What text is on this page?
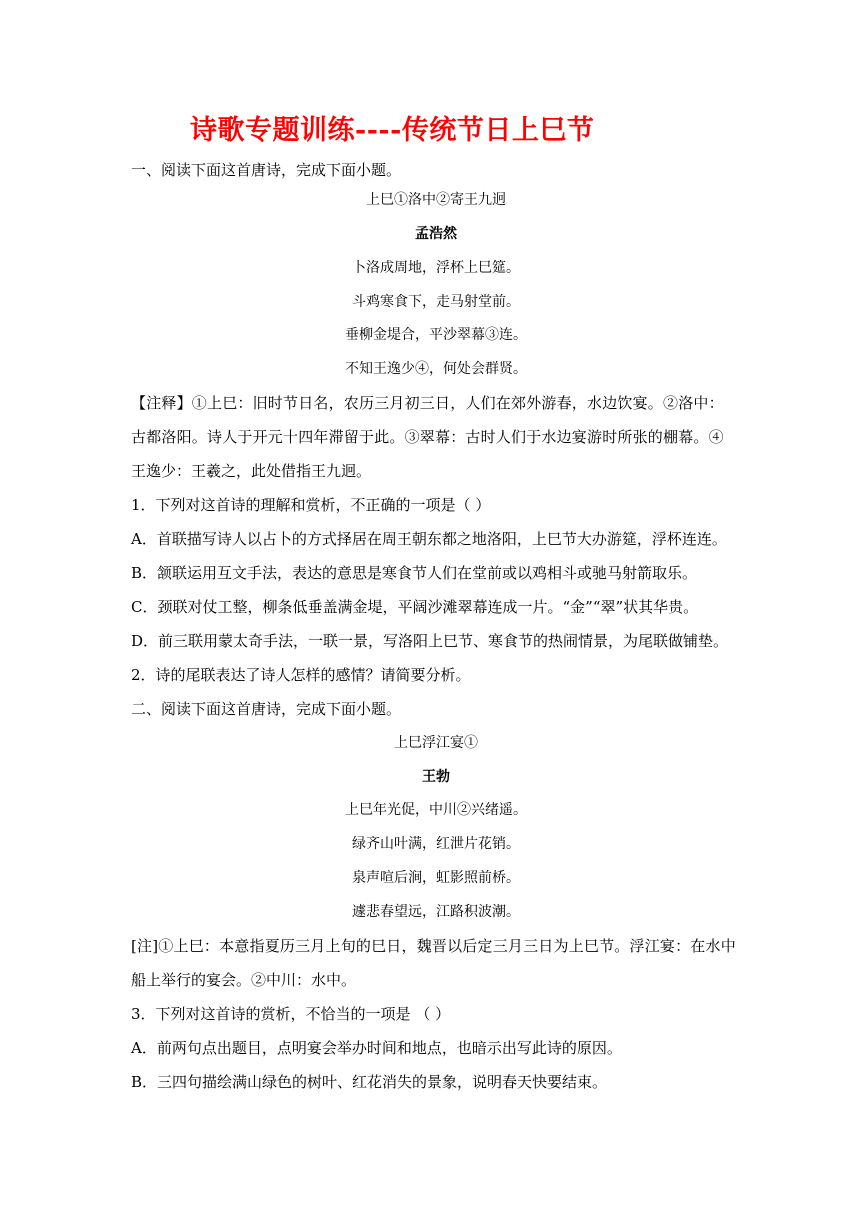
诗歌专题训练----传统节日上巳节
一、阅读下面这首唐诗，完成下面小题。
上巳①洛中②寄王九迥
孟浩然
卜洛成周地，浮杯上巳筵。
斗鸡寒食下，走马射堂前。
垂柳金堤合，平沙翠幕③连。
不知王逸少④，何处会群贤。
【注释】①上巳：旧时节日名，农历三月初三日，人们在郊外游春，水边饮宴。②洛中：
古都洛阳。诗人于开元十四年滞留于此。③翠幕：古时人们于水边宴游时所张的棚幕。④
王逸少：王羲之，此处借指王九迥。
1．下列对这首诗的理解和赏析，不正确的一项是（ ）
A．首联描写诗人以占卜的方式择居在周王朝东都之地洛阳，上巳节大办游筵，浮杯连连。
B．颔联运用互文手法，表达的意思是寒食节人们在堂前或以鸡相斗或驰马射箭取乐。
C．颈联对仗工整，柳条低垂盖满金堤，平阔沙滩翠幕连成一片。“金”“翠”状其华贵。
D．前三联用蒙太奇手法，一联一景，写洛阳上巳节、寒食节的热闹情景，为尾联做铺垫。
2．诗的尾联表达了诗人怎样的感情？请简要分析。
二、阅读下面这首唐诗，完成下面小题。
上巳浮江宴①
王勃
上巳年光促，中川②兴绪遥。
绿齐山叶满，红泄片花销。
泉声喧后涧，虹影照前桥。
遽悲春望远，江路积波潮。
[注]①上巳：本意指夏历三月上旬的巳日，魏晋以后定三月三日为上巳节。浮江宴：在水中
船上举行的宴会。②中川：水中。
3．下列对这首诗的赏析，不恰当的一项是 （ ）
A．前两句点出题目，点明宴会举办时间和地点，也暗示出写此诗的原因。
B．三四句描绘满山绿色的树叶、红花消失的景象，说明春天快要结束。
